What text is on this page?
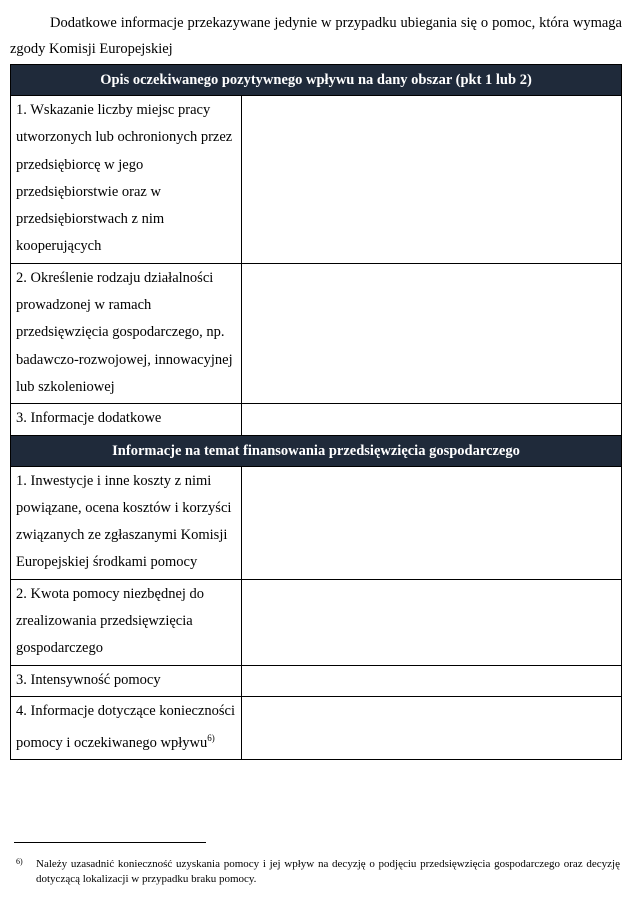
Dodatkowe informacje przekazywane jedynie w przypadku ubiegania się o pomoc, która wymaga zgody Komisji Europejskiej

Opis oczekiwanego pozytywnego wpływu na dany obszar (pkt 1 lub 2)	
1. Wskazanie liczby miejsc pracy utworzonych lub ochronionych przez przedsiębiorcę w jego przedsiębiorstwie oraz w przedsiębiorstwach z nim kooperujących	
2. Określenie rodzaju działalności prowadzonej w ramach przedsięwzięcia gospodarczego, np. badawczo-rozwojowej, innowacyjnej lub szkoleniowej	
3. Informacje dodatkowe	
Informacje na temat finansowania przedsięwzięcia gospodarczego	
1. Inwestycje i inne koszty z nimi powiązane, ocena kosztów i korzyści związanych ze zgłaszanymi Komisji Europejskiej środkami pomocy	
2. Kwota pomocy niezbędnej do zrealizowania przedsięwzięcia gospodarczego	
3. Intensywność pomocy	
4. Informacje dotyczące konieczności pomocy i oczekiwanego wpływu$^{6)}$	

6) Należy uzasadnić konieczność uzyskania pomocy i jej wpływ na decyzję o podjęciu przedsięwzięcia gospodarczego oraz decyzję dotyczącą lokalizacji w przypadku braku pomocy.
